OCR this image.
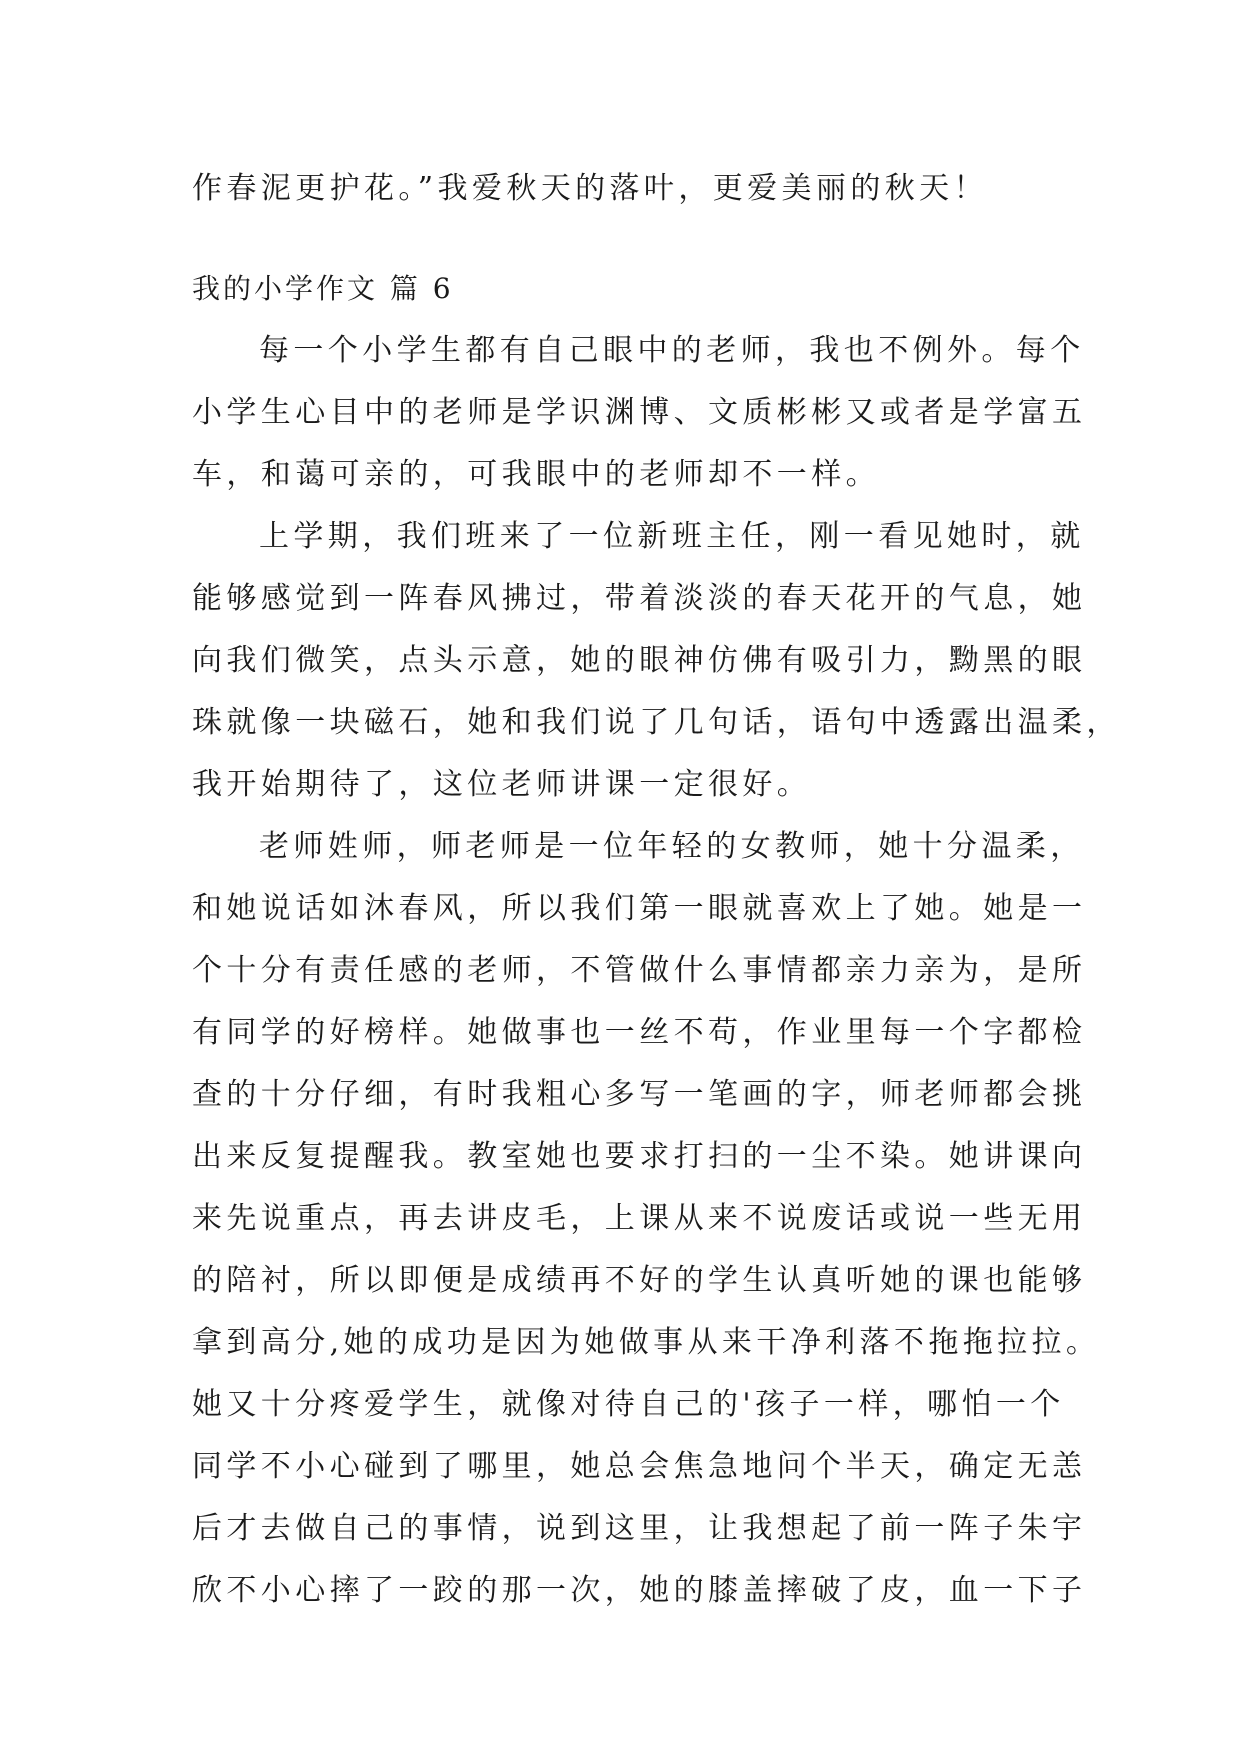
作春泥更护花。”我爱秋天的落叶，更爱美丽的秋天！
我的小学作文 篇 6
每一个小学生都有自己眼中的老师，我也不例外。每个
小学生心目中的老师是学识渊博、文质彬彬又或者是学富五
车，和蔼可亲的，可我眼中的老师却不一样。
上学期，我们班来了一位新班主任，刚一看见她时，就
能够感觉到一阵春风拂过，带着淡淡的春天花开的气息，她
向我们微笑，点头示意，她的眼神仿佛有吸引力，黝黑的眼
珠就像一块磁石，她和我们说了几句话，语句中透露出温柔，
我开始期待了，这位老师讲课一定很好。
老师姓师，师老师是一位年轻的女教师，她十分温柔，
和她说话如沐春风，所以我们第一眼就喜欢上了她。她是一
个十分有责任感的老师，不管做什么事情都亲力亲为，是所
有同学的好榜样。她做事也一丝不苟，作业里每一个字都检
查的十分仔细，有时我粗心多写一笔画的字，师老师都会挑
出来反复提醒我。教室她也要求打扫的一尘不染。她讲课向
来先说重点，再去讲皮毛，上课从来不说废话或说一些无用
的陪衬，所以即便是成绩再不好的学生认真听她的课也能够
拿到高分,她的成功是因为她做事从来干净利落不拖拖拉拉。
她又十分疼爱学生，就像对待自己的'孩子一样，哪怕一个
同学不小心碰到了哪里，她总会焦急地问个半天，确定无恙
后才去做自己的事情，说到这里，让我想起了前一阵子朱宇
欣不小心摔了一跤的那一次，她的膝盖摔破了皮，血一下子
